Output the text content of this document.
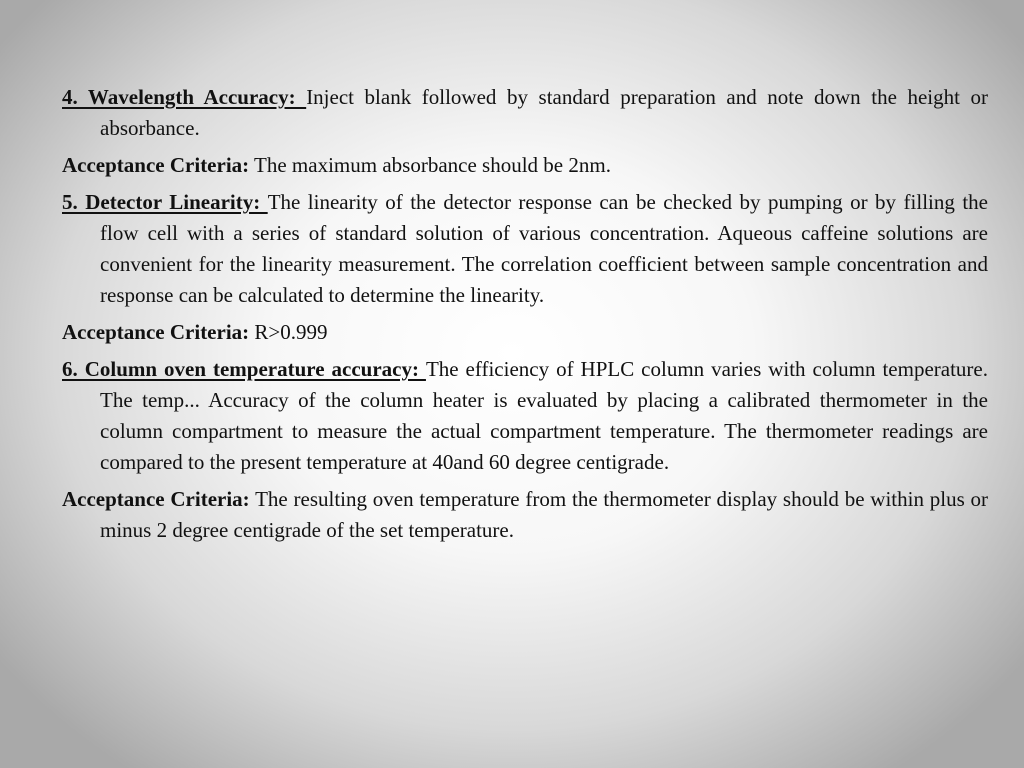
4. Wavelength Accuracy: Inject blank followed by standard preparation and note down the height or absorbance.

Acceptance Criteria: The maximum absorbance should be 2nm.

5. Detector Linearity: The linearity of the detector response can be checked by pumping or by filling the flow cell with a series of standard solution of various concentration. Aqueous caffeine solutions are convenient for the linearity measurement. The correlation coefficient between sample concentration and response can be calculated to determine the linearity.

Acceptance Criteria: R>0.999

6. Column oven temperature accuracy: The efficiency of HPLC column varies with column temperature. The temp... Accuracy of the column heater is evaluated by placing a calibrated thermometer in the column compartment to measure the actual compartment temperature. The thermometer readings are compared to the present temperature at 40and 60 degree centigrade.

Acceptance Criteria: The resulting oven temperature from the thermometer display should be within plus or minus 2 degree centigrade of the set temperature.
